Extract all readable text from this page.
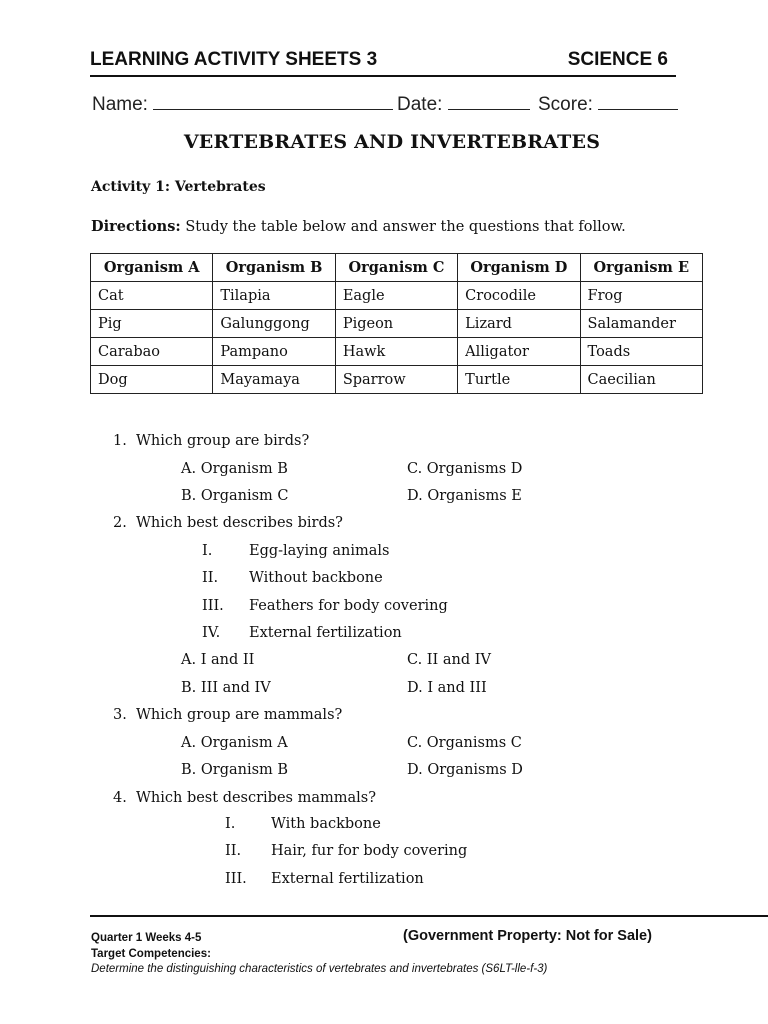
LEARNING ACTIVITY SHEETS 3	SCIENCE 6
Name:	Date:	Score:
VERTEBRATES AND INVERTEBRATES
Activity 1: Vertebrates
Directions: Study the table below and answer the questions that follow.
Organism A	Organism B	Organism C	Organism D	Organism E
Cat	Tilapia	Eagle	Crocodile	Frog
Pig	Galunggong	Pigeon	Lizard	Salamander
Carabao	Pampano	Hawk	Alligator	Toads
Dog	Mayamaya	Sparrow	Turtle	Caecilian
1. Which group are birds?
A. Organism B	C. Organisms D
B. Organism C	D. Organisms E
2. Which best describes birds?
I.	Egg-laying animals
II. Without backbone
III. Feathers for body covering
IV. External fertilization
A. I and II	C. II and IV
B. III and IV	D. I and III
3. Which group are mammals?
A. Organism A	C. Organisms C
B. Organism B	D. Organisms D
4. Which best describes mammals?
I. With backbone
II. Hair, fur for body covering
III. External fertilization
Quarter 1 Weeks 4-5	(Government Property: Not for Sale)
Target Competencies:
Determine the distinguishing characteristics of vertebrates and invertebrates (S6LT-lle-f-3)
